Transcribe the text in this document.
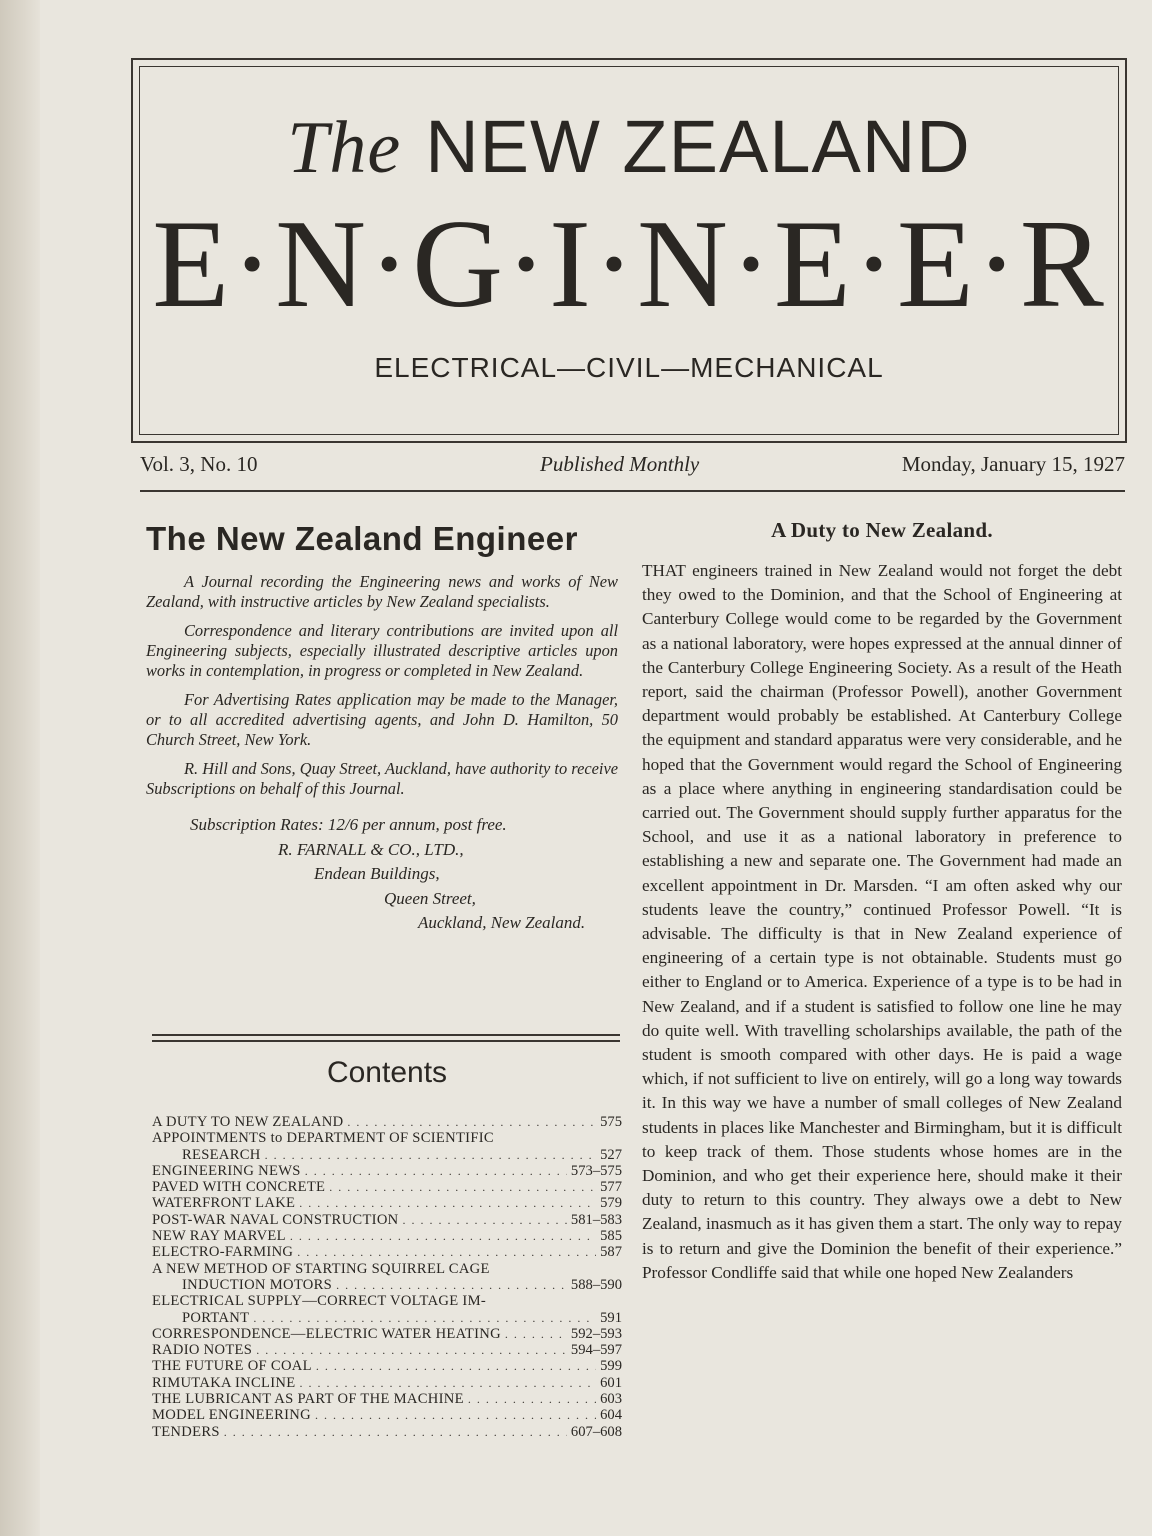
The NEW ZEALAND
E·N·G·I·N·E·E·R
ELECTRICAL—CIVIL—MECHANICAL
Vol. 3, No. 10	Published Monthly	Monday, January 15, 1927
The New Zealand Engineer

A Journal recording the Engineering news and works of New Zealand, with instructive articles by New Zealand specialists.

Correspondence and literary contributions are invited upon all Engineering subjects, especially illustrated descriptive articles upon works in contemplation, in progress or completed in New Zealand.

For Advertising Rates application may be made to the Manager, or to all accredited advertising agents, and John D. Hamilton, 50 Church Street, New York.

R. Hill and Sons, Quay Street, Auckland, have authority to receive Subscriptions on behalf of this Journal.

Subscription Rates: 12/6 per annum, post free.
R. FARNALL & CO., LTD.,
Endean Buildings,
Queen Street,
Auckland, New Zealand.
Contents
A DUTY TO NEW ZEALAND . . .	575
APPOINTMENTS to DEPARTMENT OF SCIENTIFIC
RESEARCH . . .	527
ENGINEERING NEWS . . .	573–575
PAVED WITH CONCRETE . . .	577
WATERFRONT LAKE . . .	579
POST-WAR NAVAL CONSTRUCTION . . .	581–583
NEW RAY MARVEL . . .	585
ELECTRO-FARMING . . .	587
A NEW METHOD OF STARTING SQUIRREL CAGE
INDUCTION MOTORS . . .	588–590
ELECTRICAL SUPPLY—CORRECT VOLTAGE IM-
PORTANT . . .	591
CORRESPONDENCE—ELECTRIC WATER HEATING . . .	592–593
RADIO NOTES . . .	594–597
THE FUTURE OF COAL . . .	599
RIMUTAKA INCLINE . . .	601
THE LUBRICANT AS PART OF THE MACHINE . . .	603
MODEL ENGINEERING . . .	604
TENDERS . . .	607–608
A Duty to New Zealand.

THAT engineers trained in New Zealand would not forget the debt they owed to the Dominion, and that the School of Engineering at Canterbury College would come to be regarded by the Government as a national laboratory, were hopes expressed at the annual dinner of the Canterbury College Engineering Society. As a result of the Heath report, said the chairman (Professor Powell), another Government department would probably be established. At Canterbury College the equipment and standard apparatus were very considerable, and he hoped that the Government would regard the School of Engineering as a place where anything in engineering standardisation could be carried out. The Government should supply further apparatus for the School, and use it as a national laboratory in preference to establishing a new and separate one. The Government had made an excellent appointment in Dr. Marsden. “I am often asked why our students leave the country,” continued Professor Powell. “It is advisable. The difficulty is that in New Zealand experience of engineering of a certain type is not obtainable. Students must go either to England or to America. Experience of a type is to be had in New Zealand, and if a student is satisfied to follow one line he may do quite well. With travelling scholarships available, the path of the student is smooth compared with other days. He is paid a wage which, if not sufficient to live on entirely, will go a long way towards it. In this way we have a number of small colleges of New Zealand students in places like Manchester and Birmingham, but it is difficult to keep track of them. Those students whose homes are in the Dominion, and who get their experience here, should make it their duty to return to this country. They always owe a debt to New Zealand, inasmuch as it has given them a start. The only way to repay is to return and give the Dominion the benefit of their experience.” Professor Condliffe said that while one hoped New Zealanders
